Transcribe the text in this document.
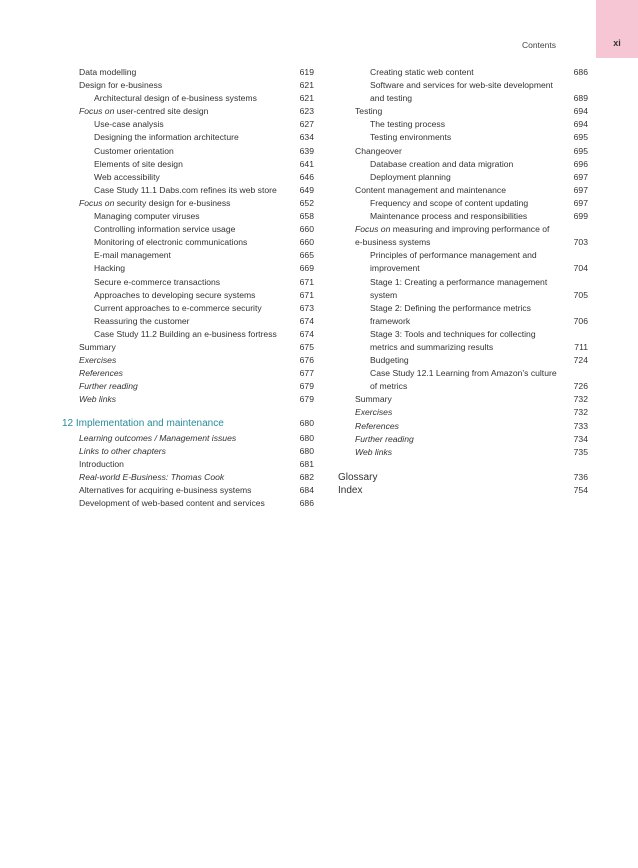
Contents	xi
Data modelling	619
Design for e-business	621
Architectural design of e-business systems	621
Focus on user-centred site design	623
Use-case analysis	627
Designing the information architecture	634
Customer orientation	639
Elements of site design	641
Web accessibility	646
Case Study 11.1 Dabs.com refines its web store	649
Focus on security design for e-business	652
Managing computer viruses	658
Controlling information service usage	660
Monitoring of electronic communications	660
E-mail management	665
Hacking	669
Secure e-commerce transactions	671
Approaches to developing secure systems	671
Current approaches to e-commerce security	673
Reassuring the customer	674
Case Study 11.2 Building an e-business fortress	674
Summary	675
Exercises	676
References	677
Further reading	679
Web links	679
12 Implementation and maintenance	680
Learning outcomes / Management issues	680
Links to other chapters	680
Introduction	681
Real-world E-Business: Thomas Cook	682
Alternatives for acquiring e-business systems	684
Development of web-based content and services	686
Creating static web content	686
Software and services for web-site development
and testing	689
Testing	694
The testing process	694
Testing environments	695
Changeover	695
Database creation and data migration	696
Deployment planning	697
Content management and maintenance	697
Frequency and scope of content updating	697
Maintenance process and responsibilities	699
Focus on measuring and improving performance of
e-business systems	703
Principles of performance management and
improvement	704
Stage 1: Creating a performance management
system	705
Stage 2: Defining the performance metrics
framework	706
Stage 3: Tools and techniques for collecting
metrics and summarizing results	711
Budgeting	724
Case Study 12.1 Learning from Amazon’s culture
of metrics	726
Summary	732
Exercises	732
References	733
Further reading	734
Web links	735
Glossary	736
Index	754
